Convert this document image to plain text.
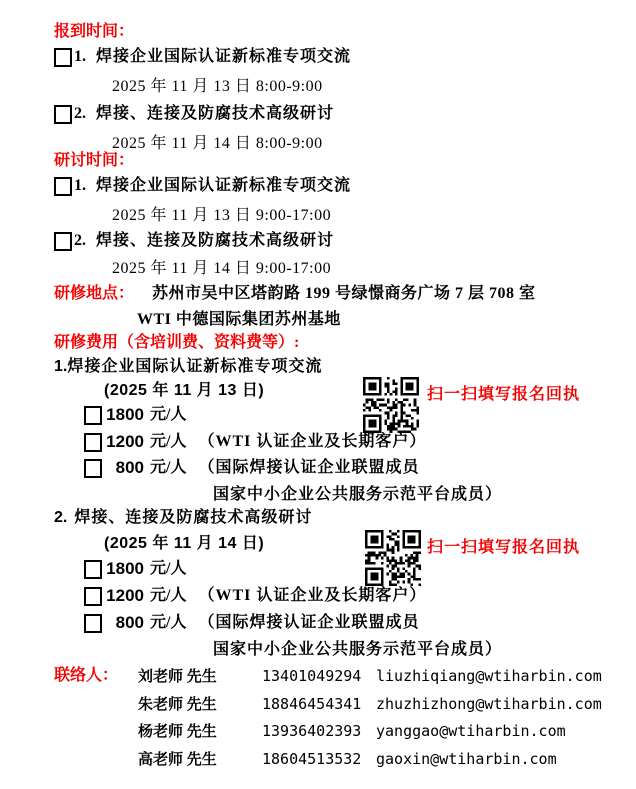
报到时间：
1. 焊接企业国际认证新标准专项交流
2025 年 11 月 13 日 8:00-9:00
2. 焊接、连接及防腐技术高级研讨
2025 年 11 月 14 日 8:00-9:00
研讨时间：
1. 焊接企业国际认证新标准专项交流
2025 年 11 月 13 日 9:00-17:00
2. 焊接、连接及防腐技术高级研讨
2025 年 11 月 14 日 9:00-17:00
研修地点： 苏州市吴中区塔韵路 199 号绿憬商务广场 7 层 708 室
WTI 中德国际集团苏州基地
研修费用（含培训费、资料费等）:
1.焊接企业国际认证新标准专项交流
(2025 年 11 月 13 日)	扫一扫填写报名回执
1800 元/人
1200 元/人 （WTI 认证企业及长期客户）
800 元/人 （国际焊接认证企业联盟成员
国家中小企业公共服务示范平台成员）
2. 焊接、连接及防腐技术高级研讨
(2025 年 11 月 14 日)	扫一扫填写报名回执
1800 元/人
1200 元/人 （WTI 认证企业及长期客户）
800 元/人 （国际焊接认证企业联盟成员
国家中小企业公共服务示范平台成员）
联络人： 刘老师 先生	13401049294 liuzhiqiang@wtiharbin.com
朱老师 先生	18846454341 zhuzhizhong@wtiharbin.com
杨老师 先生	13936402393 yanggao@wtiharbin.com
高老师 先生	18604513532 gaoxin@wtiharbin.com
